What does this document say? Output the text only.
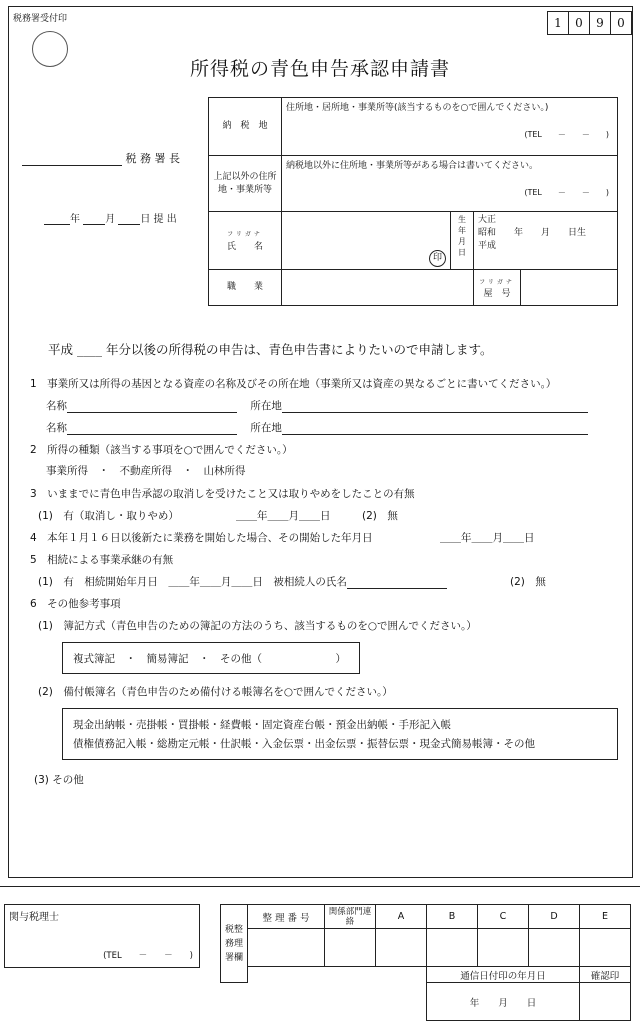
税務署受付印	1	0	9	0
所得税の青色申告承認申請書
税 務 署 長
年	月	日 提 出
納　税　地	住所地・居所地・事業所等(該当するものを○で囲んでください。)
(TEL　　－　　－　　)			

上記以外の住所地・事業所等	納税地以外に住所地・事業所等がある場合は書いてください。
(TEL　　－　　－　　)			

フリガナ
氏　　名	印	生年月日	大正
昭和　　年　　月　　日生
平成	
職　　業			フリガナ
屋　号	
平成 ____ 年分以後の所得税の申告は、青色申告書によりたいので申請します。
1　事業所又は所得の基因となる資産の名称及びその所在地（事業所又は資産の異なるごとに書いてください。）
名称	所在地
名称	所在地
2　所得の種類（該当する事項を○で囲んでください。）
事業所得　・　不動産所得　・　山林所得
3　いままでに青色申告承認の取消しを受けたこと又は取りやめをしたことの有無
(1)　有（取消し・取りやめ）	＿＿年＿＿月＿＿日	(2)　無
4　本年１月１６日以後新たに業務を開始した場合、その開始した年月日	＿＿年＿＿月＿＿日
5　相続による事業承継の有無
(1)　有　相続開始年月日　＿＿年＿＿月＿＿日　被相続人の氏名	(2)　無
6　その他参考事項
(1)　簿記方式（青色申告のための簿記の方法のうち、該当するものを○で囲んでください。）
複式簿記　・　簡易簿記　・　その他（　　　　　　　）
(2)　備付帳簿名（青色申告のため備付ける帳簿名を○で囲んでください。）
現金出納帳・売掛帳・買掛帳・経費帳・固定資産台帳・預金出納帳・手形記入帳
債権債務記入帳・総勘定元帳・仕訳帳・入金伝票・出金伝票・振替伝票・現金式簡易帳簿・その他
(3) その他
関与税理士
(TEL　　－　　－　　)
税整務理署欄	整 理 番 号	関係部門連　絡	A	B	C	D	E

				通信日付印の年月日			確認印
				年　　月　　日			
